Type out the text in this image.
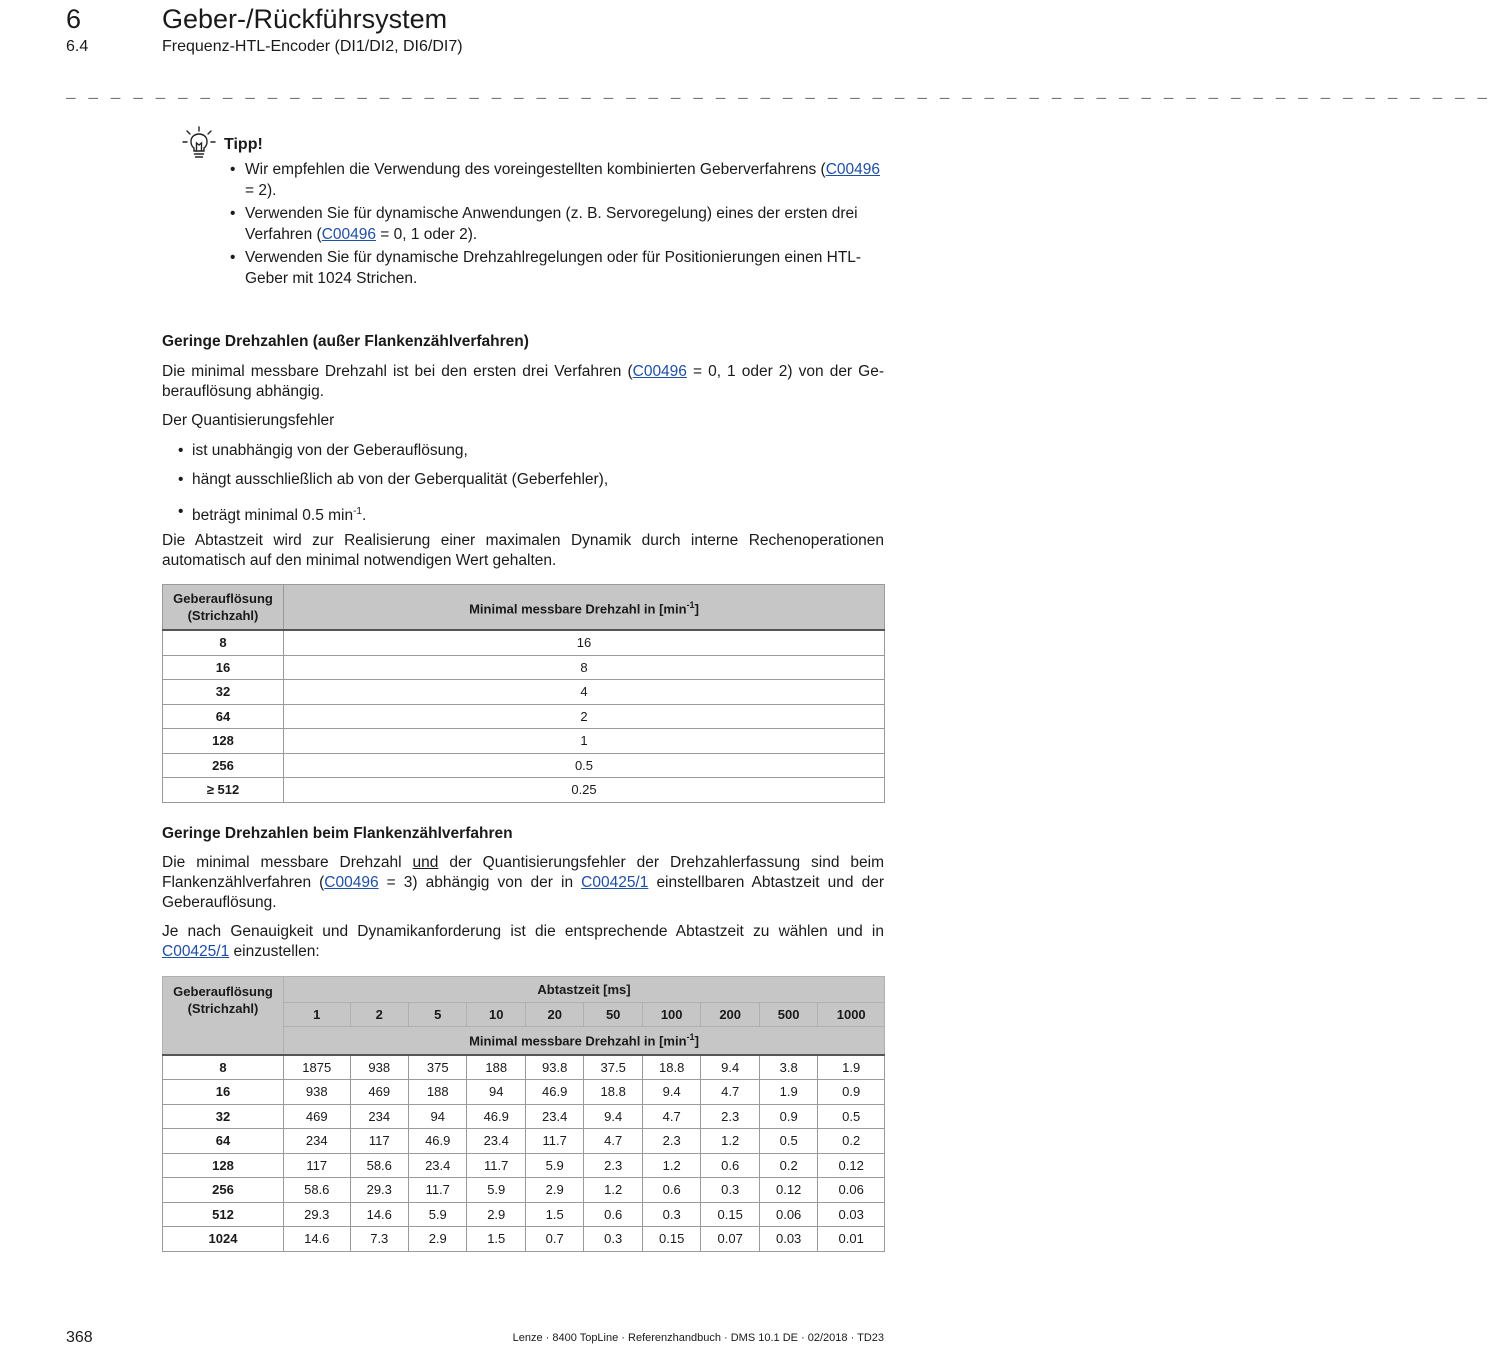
6	Geber-/Rückführsystem
6.4	Frequenz-HTL-Encoder (DI1/DI2, DI6/DI7)
_ _ _ _ _ _ _ _ _ _ _ _ _ _ _ _ _ _ _ _ _ _ _ _ _ _ _ _ _ _ _ _ _ _ _ _ _ _ _ _ _ _ _ _ _ _ _ _ _ _ _ _ _ _ _ _ _ _ _ _ _ _ _ _
Tipp!
• Wir empfehlen die Verwendung des voreingestellten kombinierten Geberverfahrens (C00496 = 2).
• Verwenden Sie für dynamische Anwendungen (z. B. Servoregelung) eines der ersten drei Verfahren (C00496 = 0, 1 oder 2).
• Verwenden Sie für dynamische Drehzahlregelungen oder für Positionierungen einen HTL-Geber mit 1024 Strichen.
Geringe Drehzahlen (außer Flankenzählverfahren)
Die minimal messbare Drehzahl ist bei den ersten drei Verfahren (C00496 = 0, 1 oder 2) von der Ge-berauflösung abhängig.
Der Quantisierungsfehler
• ist unabhängig von der Geberauflösung,
• hängt ausschließlich ab von der Geberqualität (Geberfehler),
• beträgt minimal 0.5 $\min^{-1}$.
Die Abtastzeit wird zur Realisierung einer maximalen Dynamik durch interne Rechenoperationen automatisch auf den minimal notwendigen Wert gehalten.
Geberauflösung
(Strichzahl)	Minimal messbare Drehzahl in $[\min^{-1}]$
8	16
16	8
32	4
64	2
128	1
256	0.5
≥ 512	0.25
Geringe Drehzahlen beim Flankenzählverfahren
Die minimal messbare Drehzahl und der Quantisierungsfehler der Drehzahlerfassung sind beim Flankenzählverfahren (C00496 = 3) abhängig von der in C00425/1 einstellbaren Abtastzeit und der Geberauflösung.
Je nach Genauigkeit und Dynamikanforderung ist die entsprechende Abtastzeit zu wählen und in C00425/1 einzustellen:
Geberauflösung
(Strichzahl)	Abtastzeit [ms]									
	1	2	5	10	20	50	100	200	500	1000
	Minimal messbare Drehzahl in $[\min^{-1}]$									
8	1875	938	375	188	93.8	37.5	18.8	9.4	3.8	1.9
16	938	469	188	94	46.9	18.8	9.4	4.7	1.9	0.9
32	469	234	94	46.9	23.4	9.4	4.7	2.3	0.9	0.5
64	234	117	46.9	23.4	11.7	4.7	2.3	1.2	0.5	0.2
128	117	58.6	23.4	11.7	5.9	2.3	1.2	0.6	0.2	0.12
256	58.6	29.3	11.7	5.9	2.9	1.2	0.6	0.3	0.12	0.06
512	29.3	14.6	5.9	2.9	1.5	0.6	0.3	0.15	0.06	0.03
1024	14.6	7.3	2.9	1.5	0.7	0.3	0.15	0.07	0.03	0.01
368	Lenze · 8400 TopLine · Referenzhandbuch · DMS 10.1 DE · 02/2018 · TD23
